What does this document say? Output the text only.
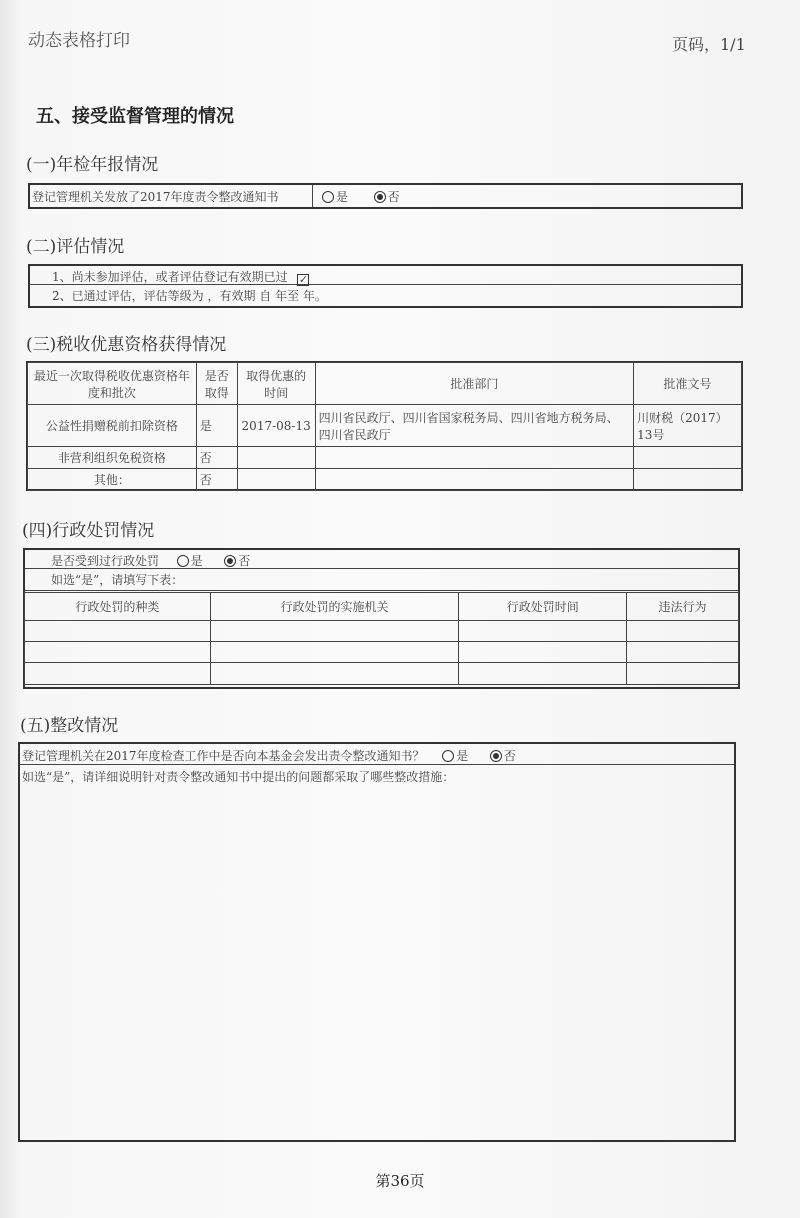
动态表格打印	页码，1/1
五、接受监督管理的情况
(一)年检年报情况
登记管理机关发放了2017年度责令整改通知书	是	否
(二)评估情况
1、尚未参加评估，或者评估登记有效期已过 ✓
2、已通过评估，评估等级为 ，有效期 自 年至 年。
(三)税收优惠资格获得情况
最近一次取得税收优惠资格年度和批次	是否取得	取得优惠的时间	批准部门	批准文号
公益性捐赠税前扣除资格	是	2017-08-13	四川省民政厅、四川省国家税务局、四川省地方税务局、四川省民政厅	川财税（2017）13号
非营利组织免税资格	否			
其他：	否			
(四)行政处罚情况
是否受到过行政处罚	是	否
如选“是”，请填写下表：
行政处罚的种类	行政处罚的实施机关	行政处罚时间	违法行为

(五)整改情况
登记管理机关在2017年度检查工作中是否向本基金会发出责令整改通知书？	是	否
如选“是”，请详细说明针对责令整改通知书中提出的问题都采取了哪些整改措施：
第36页
